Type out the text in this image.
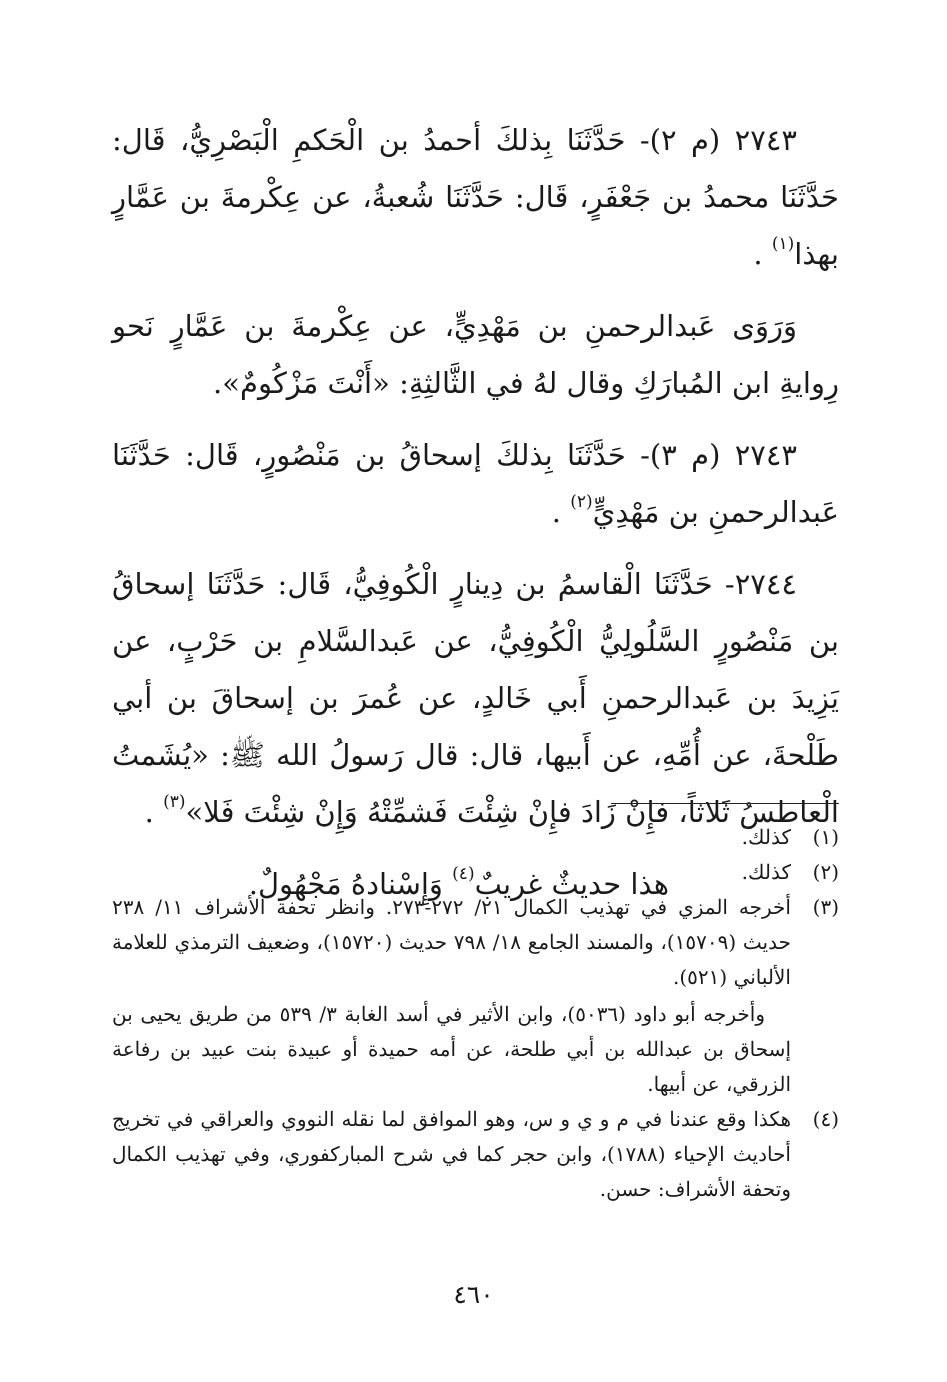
٢٧٤٣ (م ٢)- حَدَّثَنَا بِذلكَ أحمدُ بن الْحَكمِ الْبَصْرِيُّ، قَال: حَدَّثَنَا محمدُ بن جَعْفَرٍ، قَال: حَدَّثَنَا شُعبةُ، عن عِكْرمةَ بن عَمَّارٍ بهذا$^{(١)}$ .

وَرَوَى عَبدالرحمنِ بن مَهْدِيٍّ، عن عِكْرمةَ بن عَمَّارٍ نَحو رِوايةِ ابن المُبارَكِ وقال لهُ في الثَّالثِةِ: «أَنْتَ مَزْكُومٌ».

٢٧٤٣ (م ٣)- حَدَّثَنَا بِذلكَ إسحاقُ بن مَنْصُورٍ، قَال: حَدَّثَنَا عَبدالرحمنِ بن مَهْدِيٍّ$^{(٢)}$ .

٢٧٤٤- حَدَّثَنَا الْقاسمُ بن دِينارٍ الْكُوفِيُّ، قَال: حَدَّثَنَا إسحاقُ بن مَنْصُورٍ السَّلُولِيُّ الْكُوفِيُّ، عن عَبدالسَّلامِ بن حَرْبٍ، عن يَزِيدَ بن عَبدالرحمنِ أَبي خَالدٍ، عن عُمرَ بن إسحاقَ بن أبي طَلْحةَ، عن أُمِّهِ، عن أَبيها، قال: قال رَسولُ الله ﷺ: «يُشَمتُ الْعاطسُ ثَلاثاً، فإِنْ زَادَ فإِنْ شِئْتَ فَشمِّتْهُ وَإِنْ شِئْتَ فَلا»$^{(٣)}$ .

هذا حديثٌ غريبٌ$^{(٤)}$ وَإِسْنادهُ مَجْهُولٌ.

(١)

كذلك.

(٢)

كذلك.

(٣)

أخرجه المزي في تهذيب الكمال ٢١/ ٢٧٢-٢٧٣. وانظر تحفة الأشراف ١١/ ٢٣٨ حديث (١٥٧٠٩)، والمسند الجامع ١٨/ ٧٩٨ حديث (١٥٧٢٠)، وضعيف الترمذي للعلامة الألباني (٥٢١).

وأخرجه أبو داود (٥٠٣٦)، وابن الأثير في أسد الغابة ٣/ ٥٣٩ من طريق يحيى بن إسحاق بن عبدالله بن أبي طلحة، عن أمه حميدة أو عبيدة بنت عبيد بن رفاعة الزرقي، عن أبيها.

(٤)

هكذا وقع عندنا في م و ي و س، وهو الموافق لما نقله النووي والعراقي في تخريج أحاديث الإحياء (١٧٨٨)، وابن حجر كما في شرح المباركفوري، وفي تهذيب الكمال وتحفة الأشراف: حسن.

٤٦٠
